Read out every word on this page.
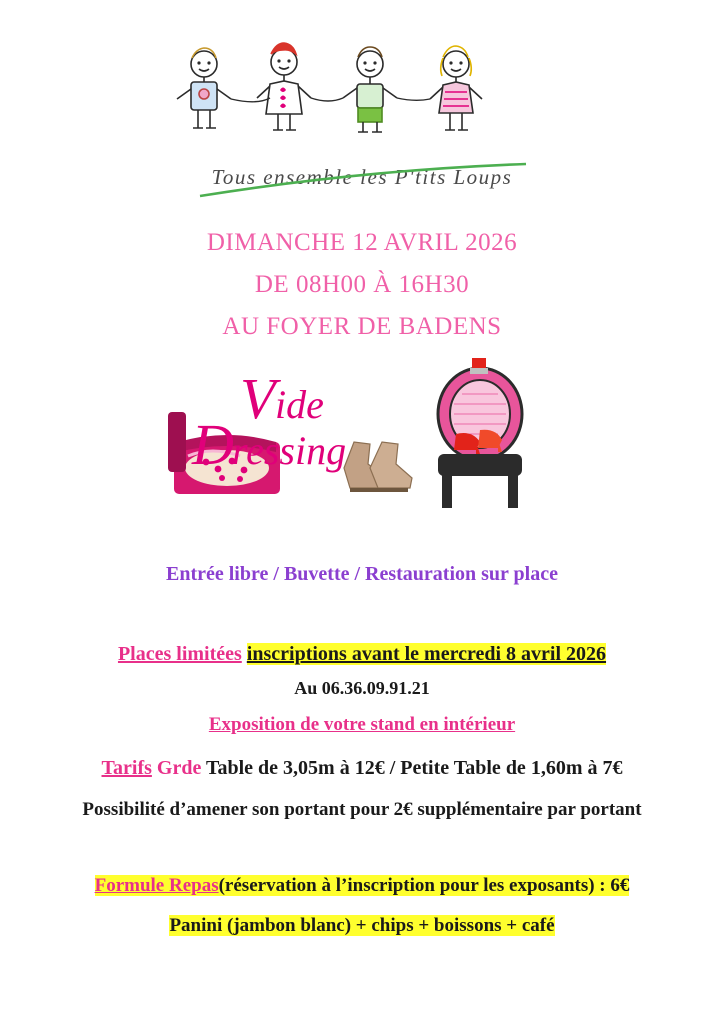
Tous ensemble les P'tits Loups
DIMANCHE 12 AVRIL 2026
DE 08H00 À 16H30
AU FOYER DE BADENS
V ide
D
ressing
Entrée libre / Buvette / Restauration sur place
Places limitées inscriptions avant le mercredi 8 avril 2026
Au 06.36.09.91.21
Exposition de votre stand en intérieur
Tarifs Grde Table de 3,05m à 12€ / Petite Table de 1,60m à 7€
Possibilité d’amener son portant pour 2€ supplémentaire par portant
Formule Repas(réservation à l’inscription pour les exposants) : 6€
Panini (jambon blanc) + chips + boissons + café
